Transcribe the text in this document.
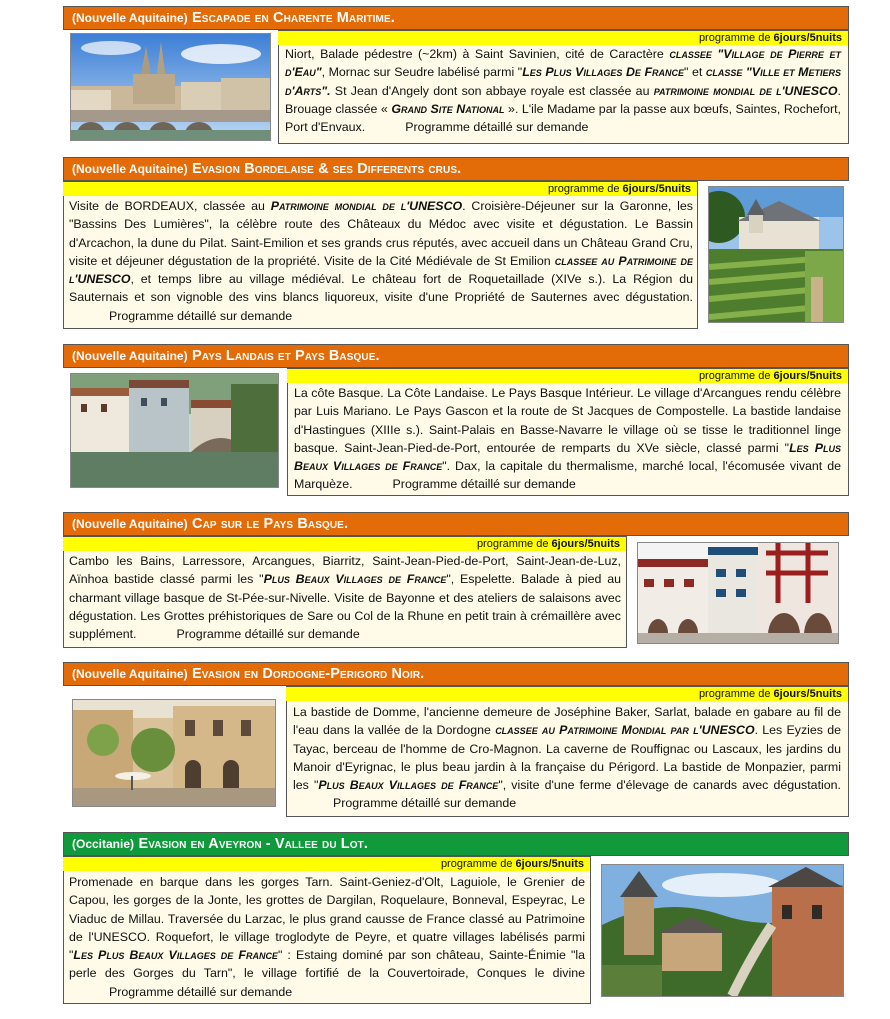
(Nouvelle Aquitaine) Escapade en Charente Maritime.
programme de 6jours/5nuits
Niort, Balade pédestre (~2km) à Saint Savinien, cité de Caractère classee "Village de Pierre et d'Eau", Mornac sur Seudre labélisé parmi "Les Plus Villages De France" et classe "Ville et Metiers d'Arts". St Jean d'Angely dont son abbaye royale est classée au patrimoine mondial de l'UNESCO. Brouage classée « Grand Site National ». L'ile Madame par la passe aux bœufs, Saintes, Rochefort, Port d'Envaux.	Programme détaillé sur demande
(Nouvelle Aquitaine) Evasion Bordelaise & ses Differents crus.
programme de 6jours/5nuits
Visite de BORDEAUX, classée au Patrimoine mondial de l'UNESCO. Croisière-Déjeuner sur la Garonne, les "Bassins Des Lumières", la célèbre route des Châteaux du Médoc avec visite et dégustation. Le Bassin d'Arcachon, la dune du Pilat. Saint-Emilion et ses grands crus réputés, avec accueil dans un Château Grand Cru, visite et déjeuner dégustation de la propriété. Visite de la Cité Médiévale de St Emilion classee au Patrimoine de l'UNESCO, et temps libre au village médiéval. Le château fort de Roquetaillade (XIVe s.). La Région du Sauternais et son vignoble des vins blancs liquoreux, visite d'une Propriété de Sauternes avec dégustation.Programme détaillé sur demande
(Nouvelle Aquitaine) Pays Landais et Pays Basque.
programme de 6jours/5nuits
La côte Basque. La Côte Landaise. Le Pays Basque Intérieur. Le village d'Arcangues rendu célèbre par Luis Mariano. Le Pays Gascon et la route de St Jacques de Compostelle. La bastide landaise d'Hastingues (XIIIe s.). Saint-Palais en Basse-Navarre le village où se tisse le traditionnel linge basque. Saint-Jean-Pied-de-Port, entourée de remparts du XVe siècle, classé parmi "Les Plus Beaux Villages de France". Dax, la capitale du thermalisme, marché local, l'écomusée vivant de Marquèze.	Programme détaillé sur demande
(Nouvelle Aquitaine) Cap sur le Pays Basque.
programme de 6jours/5nuits
Cambo les Bains, Larressore, Arcangues, Biarritz, Saint-Jean-Pied-de-Port, Saint-Jean-de-Luz, Aïnhoa bastide classé parmi les "Plus Beaux Villages de France", Espelette. Balade à pied au charmant village basque de St-Pée-sur-Nivelle. Visite de Bayonne et des ateliers de salaisons avec dégustation. Les Grottes préhistoriques de Sare ou Col de la Rhune en petit train à crémaillère avec supplément.	Programme détaillé sur demande
(Nouvelle Aquitaine) Evasion en Dordogne-Perigord Noir.
programme de 6jours/5nuits
La bastide de Domme, l'ancienne demeure de Joséphine Baker, Sarlat, balade en gabare au fil de l'eau dans la vallée de la Dordogne classee au Patrimoine Mondial par l'UNESCO. Les Eyzies de Tayac, berceau de l'homme de Cro-Magnon. La caverne de Rouffignac ou Lascaux, les jardins du Manoir d'Eyrignac, le plus beau jardin à la française du Périgord. La bastide de Monpazier, parmi les "Plus Beaux Villages de France", visite d'une ferme d'élevage de canards avec dégustation.Programme détaillé sur demande
(Occitanie) Evasion en Aveyron - Vallee du Lot.
programme de 6jours/5nuits
Promenade en barque dans les gorges Tarn. Saint-Geniez-d'Olt, Laguiole, le Grenier de Capou, les gorges de la Jonte, les grottes de Dargilan, Roquelaure, Bonneval, Espeyrac, Le Viaduc de Millau. Traversée du Larzac, le plus grand causse de France classé au Patrimoine de l'UNESCO. Roquefort, le village troglodyte de Peyre, et quatre villages labélisés parmi "Les Plus Beaux Villages de France" : Estaing dominé par son château, Sainte-Énimie "la perle des Gorges du Tarn", le village fortifié de la Couvertoirade, Conques le divineProgramme détaillé sur demande
